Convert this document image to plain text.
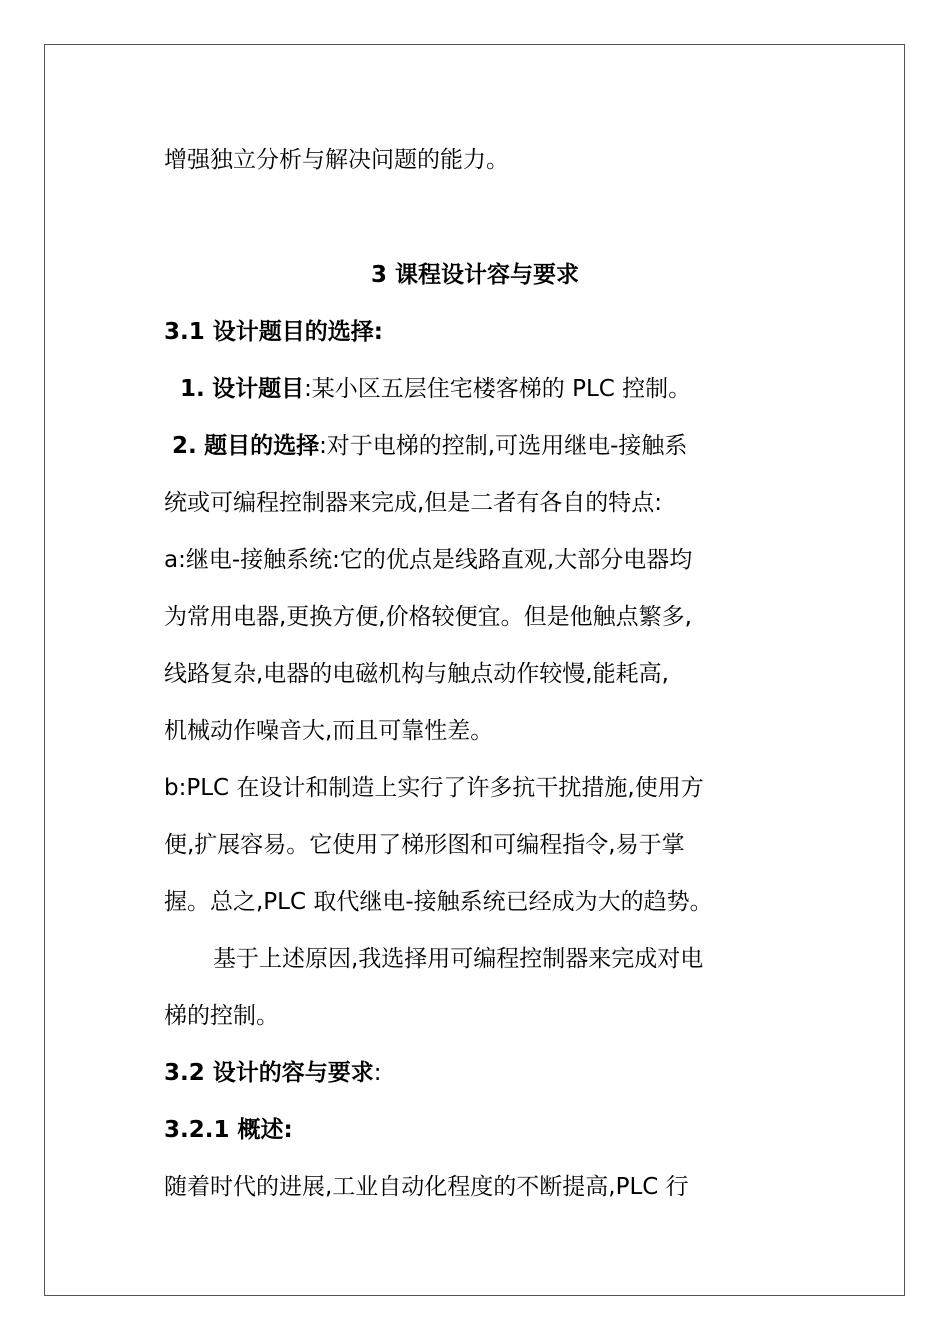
增强独立分析与解决问题的能力。
3 课程设计容与要求
3.1 设计题目的选择:
1. 设计题目:某小区五层住宅楼客梯的 PLC 控制。
2. 题目的选择:对于电梯的控制,可选用继电-接触系
统或可编程控制器来完成,但是二者有各自的特点:
a:继电-接触系统:它的优点是线路直观,大部分电器均
为常用电器,更换方便,价格较便宜。但是他触点繁多,
线路复杂,电器的电磁机构与触点动作较慢,能耗高,
机械动作噪音大,而且可靠性差。
b:PLC 在设计和制造上实行了许多抗干扰措施,使用方
便,扩展容易。它使用了梯形图和可编程指令,易于掌
握。总之,PLC 取代继电-接触系统已经成为大的趋势。
基于上述原因,我选择用可编程控制器来完成对电
梯的控制。
3.2 设计的容与要求:
3.2.1 概述:
随着时代的进展,工业自动化程度的不断提高,PLC 行
